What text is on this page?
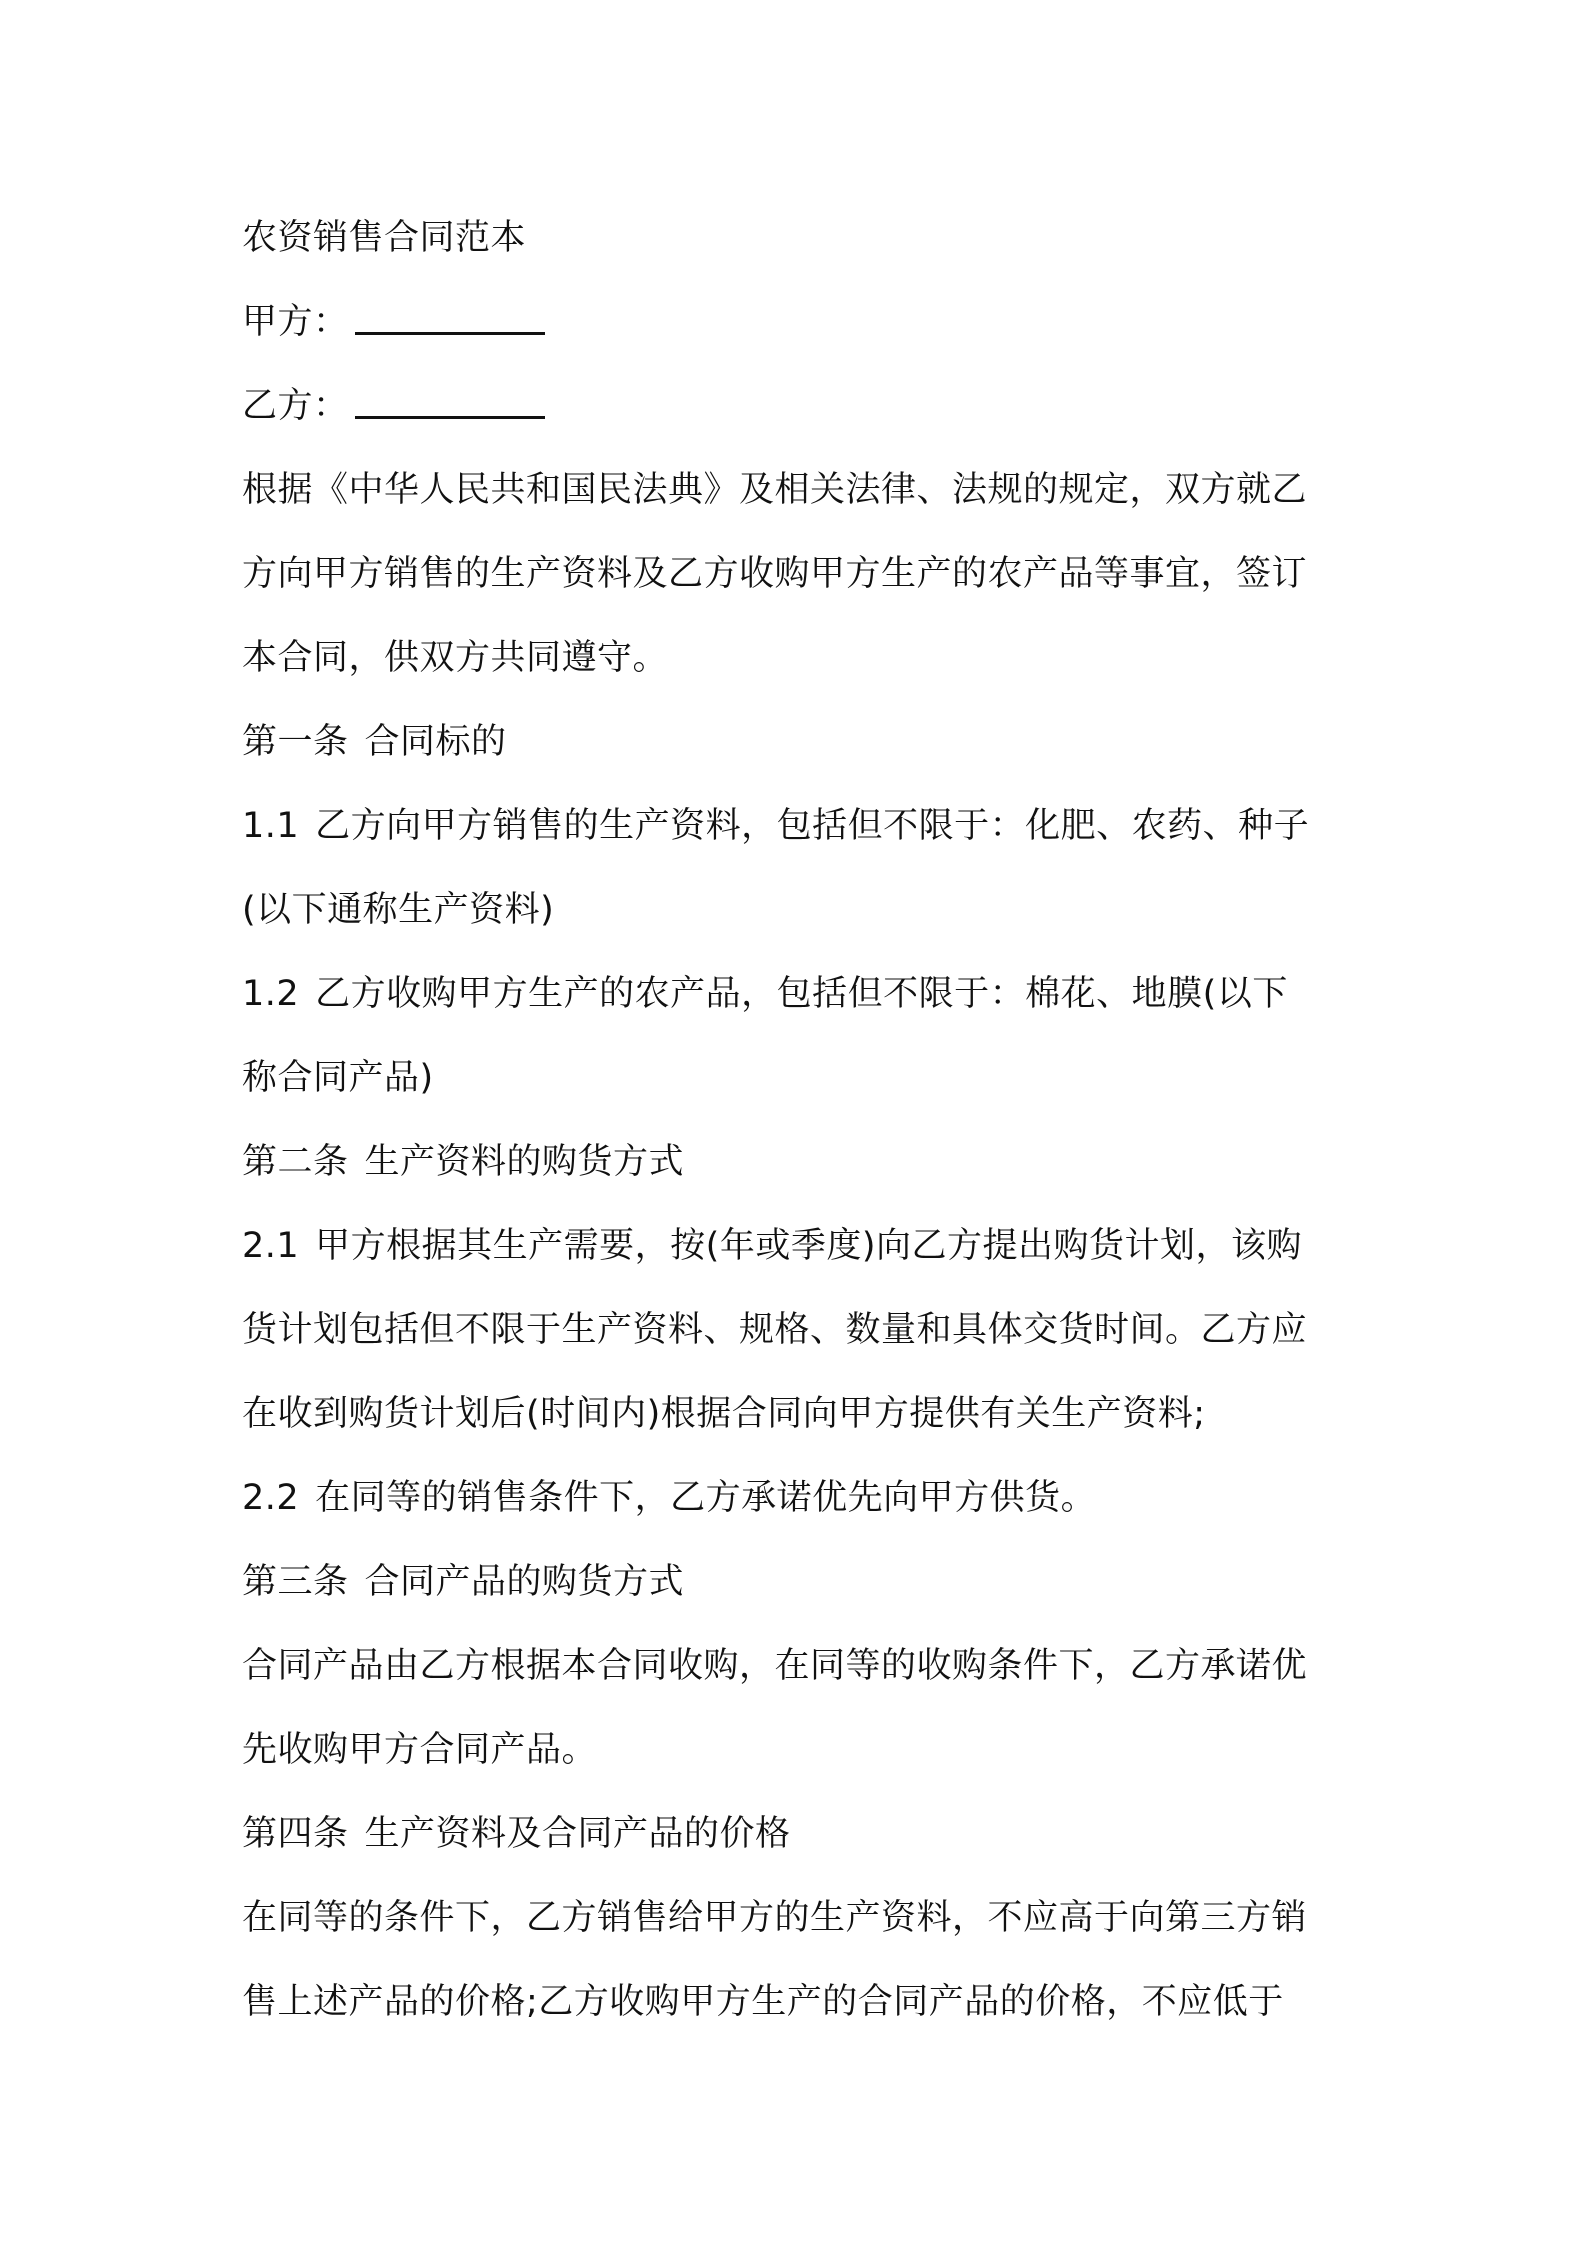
农资销售合同范本
甲方：
乙方：
根据《中华人民共和国民法典》及相关法律、法规的规定，双方就乙
方向甲方销售的生产资料及乙方收购甲方生产的农产品等事宜，签订
本合同，供双方共同遵守。
第一条 合同标的
1.1 乙方向甲方销售的生产资料，包括但不限于：化肥、农药、种子
(以下通称生产资料)
1.2 乙方收购甲方生产的农产品，包括但不限于：棉花、地膜(以下
称合同产品)
第二条 生产资料的购货方式
2.1 甲方根据其生产需要，按(年或季度)向乙方提出购货计划，该购
货计划包括但不限于生产资料、规格、数量和具体交货时间。乙方应
在收到购货计划后(时间内)根据合同向甲方提供有关生产资料;
2.2 在同等的销售条件下，乙方承诺优先向甲方供货。
第三条 合同产品的购货方式
合同产品由乙方根据本合同收购，在同等的收购条件下，乙方承诺优
先收购甲方合同产品。
第四条 生产资料及合同产品的价格
在同等的条件下，乙方销售给甲方的生产资料，不应高于向第三方销
售上述产品的价格;乙方收购甲方生产的合同产品的价格，不应低于
